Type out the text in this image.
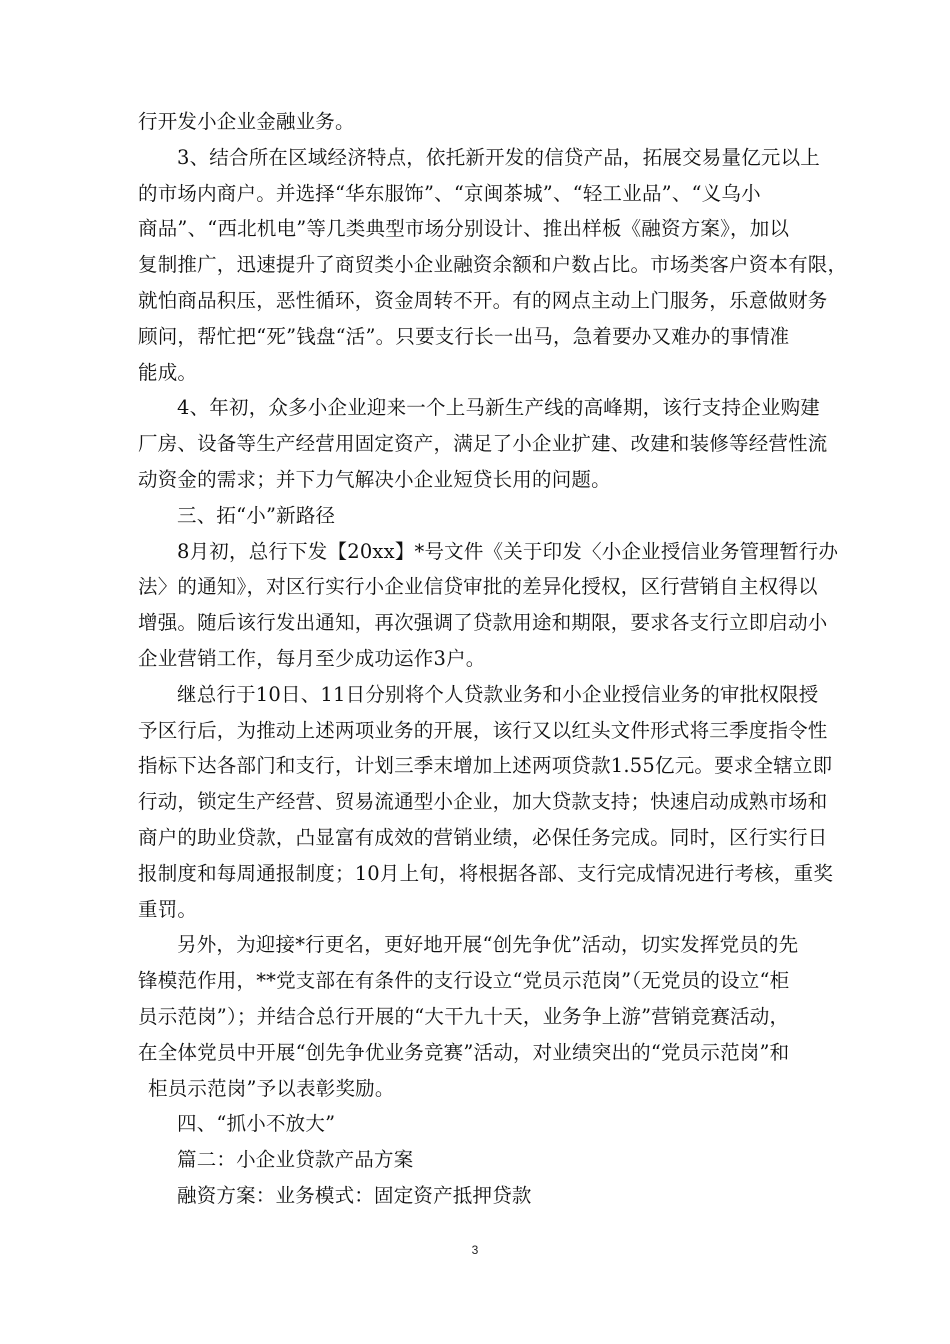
行开发小企业金融业务。
3、结合所在区域经济特点，依托新开发的信贷产品，拓展交易量亿元以上
的市场内商户。并选择“华东服饰”、“京闽茶城”、“轻工业品”、“义乌小
商品”、“西北机电”等几类典型市场分别设计、推出样板《融资方案》，加以
复制推广，迅速提升了商贸类小企业融资余额和户数占比。市场类客户资本有限，
就怕商品积压，恶性循环，资金周转不开。有的网点主动上门服务，乐意做财务
顾问，帮忙把“死”钱盘“活”。只要支行长一出马，急着要办又难办的事情准
能成。
4、年初，众多小企业迎来一个上马新生产线的高峰期，该行支持企业购建
厂房、设备等生产经营用固定资产，满足了小企业扩建、改建和装修等经营性流
动资金的需求；并下力气解决小企业短贷长用的问题。
三、拓“小”新路径
8月初，总行下发【20xx】*号文件《关于印发〈小企业授信业务管理暂行办
法〉的通知》，对区行实行小企业信贷审批的差异化授权，区行营销自主权得以
增强。随后该行发出通知，再次强调了贷款用途和期限，要求各支行立即启动小
企业营销工作，每月至少成功运作3户。
继总行于10日、11日分别将个人贷款业务和小企业授信业务的审批权限授
予区行后，为推动上述两项业务的开展，该行又以红头文件形式将三季度指令性
指标下达各部门和支行，计划三季末增加上述两项贷款1.55亿元。要求全辖立即
行动，锁定生产经营、贸易流通型小企业，加大贷款支持；快速启动成熟市场和
商户的助业贷款，凸显富有成效的营销业绩，必保任务完成。同时，区行实行日
报制度和每周通报制度；10月上旬，将根据各部、支行完成情况进行考核，重奖
重罚。
另外，为迎接*行更名，更好地开展“创先争优”活动，切实发挥党员的先
锋模范作用，**党支部在有条件的支行设立“党员示范岗”（无党员的设立“柜
员示范岗”）；并结合总行开展的“大干九十天，业务争上游”营销竞赛活动，
在全体党员中开展“创先争优业务竞赛”活动，对业绩突出的“党员示范岗”和
柜员示范岗”予以表彰奖励。
四、“抓小不放大”
篇二：小企业贷款产品方案
融资方案：业务模式：固定资产抵押贷款
3
